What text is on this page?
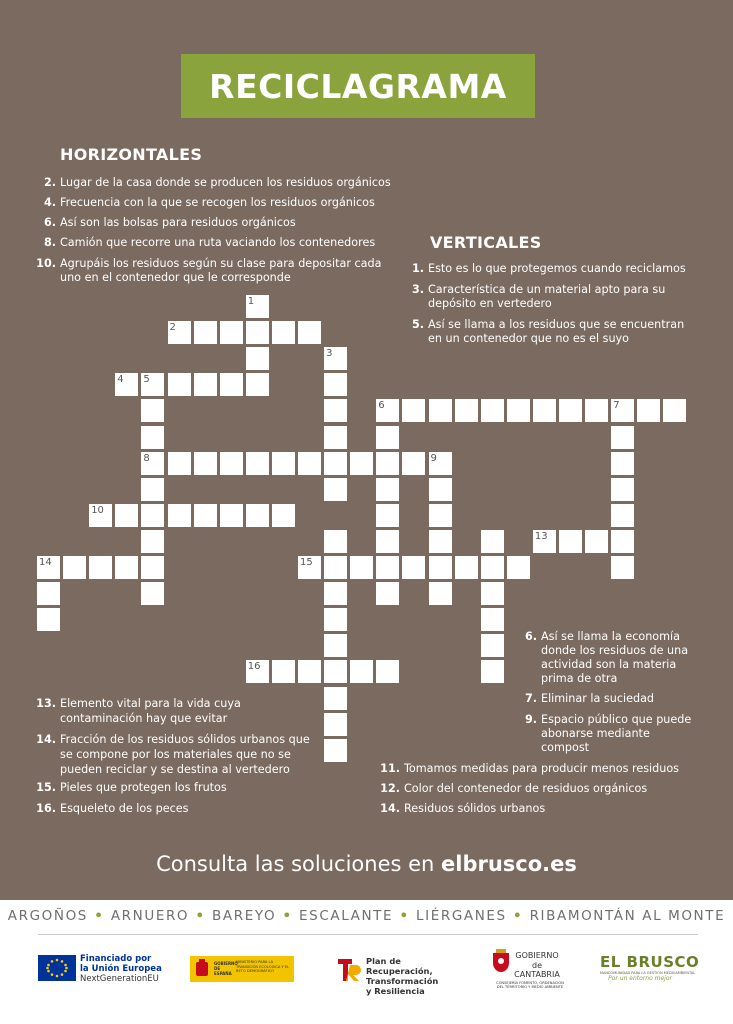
RECICLAGRAMA
HORIZONTALES
VERTICALES
2. Lugar de la casa donde se producen los residuos orgánicos
4. Frecuencia con la que se recogen los residuos orgánicos
6. Así son las bolsas para residuos orgánicos
8. Camión que recorre una ruta vaciando los contenedores
10. Agrupáis los residuos según su clase para depositar cada
uno en el contenedor que le corresponde
1. Esto es lo que protegemos cuando reciclamos
3. Característica de un material apto para su
depósito en vertedero
5. Así se llama a los residuos que se encuentran
en un contenedor que no es el suyo
6. Así se llama la economía
donde los residuos de una
actividad son la materia
prima de otra
7. Eliminar la suciedad
9. Espacio público que puede
abonarse mediante
compost
13. Elemento vital para la vida cuya
contaminación hay que evitar
14. Fracción de los residuos sólidos urbanos que
se compone por los materiales que no se
pueden reciclar y se destina al vertedero
15. Pieles que protegen los frutos
16. Esqueleto de los peces
11. Tomamos medidas para producir menos residuos
12. Color del contenedor de residuos orgánicos
14. Residuos sólidos urbanos
1
2
3
4 5
6	7
8	9
10
11	12	13
14	15
16
Consulta las soluciones en elbrusco.es
ARGOÑOS • ARNUERO • BAREYO • ESCALANTE • LIÉRGANES • RIBAMONTÁN AL MONTE
Financiado por
la Unión Europea
NextGenerationEU
GOBIERNO DE ESPAÑA
MINISTERIO PARA LA TRANSICIÓN ECOLÓGICA Y EL RETO DEMOGRÁFICO
Plan de Recuperación,
Transformación
y Resiliencia
GOBIERNO
de
CANTABRIA
CONSEJERÍA FOMENTO, ORDENACIÓN
DEL TERRITORIO Y MEDIO AMBIENTE
EL BRUSCO
MANCOMUNIDAD PARA LA GESTIÓN MEDIOAMBIENTAL
Por un entorno mejor
